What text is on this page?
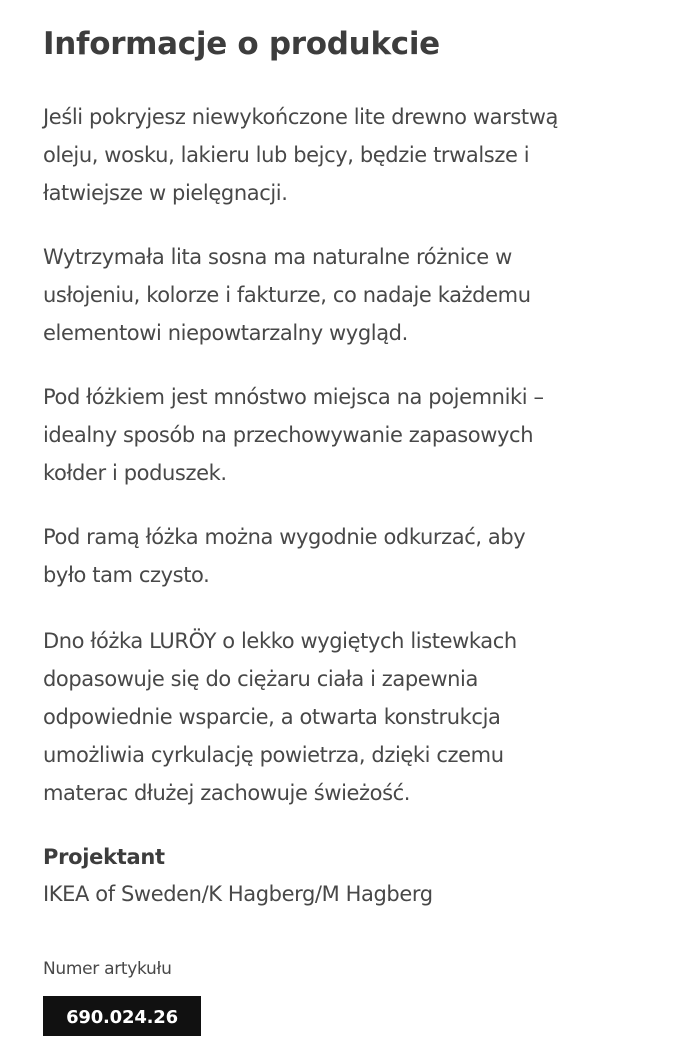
Informacje o produkcie

Jeśli pokryjesz niewykończone lite drewno warstwą
oleju, wosku, lakieru lub bejcy, będzie trwalsze i
łatwiejsze w pielęgnacji.

Wytrzymała lita sosna ma naturalne różnice w
usłojeniu, kolorze i fakturze, co nadaje każdemu
elementowi niepowtarzalny wygląd.

Pod łóżkiem jest mnóstwo miejsca na pojemniki –
idealny sposób na przechowywanie zapasowych
kołder i poduszek.

Pod ramą łóżka można wygodnie odkurzać, aby
było tam czysto.

Dno łóżka LURÖY o lekko wygiętych listewkach
dopasowuje się do ciężaru ciała i zapewnia
odpowiednie wsparcie, a otwarta konstrukcja
umożliwia cyrkulację powietrza, dzięki czemu
materac dłużej zachowuje świeżość.

Projektant
IKEA of Sweden/K Hagberg/M Hagberg
Numer artykułu
690.024.26
